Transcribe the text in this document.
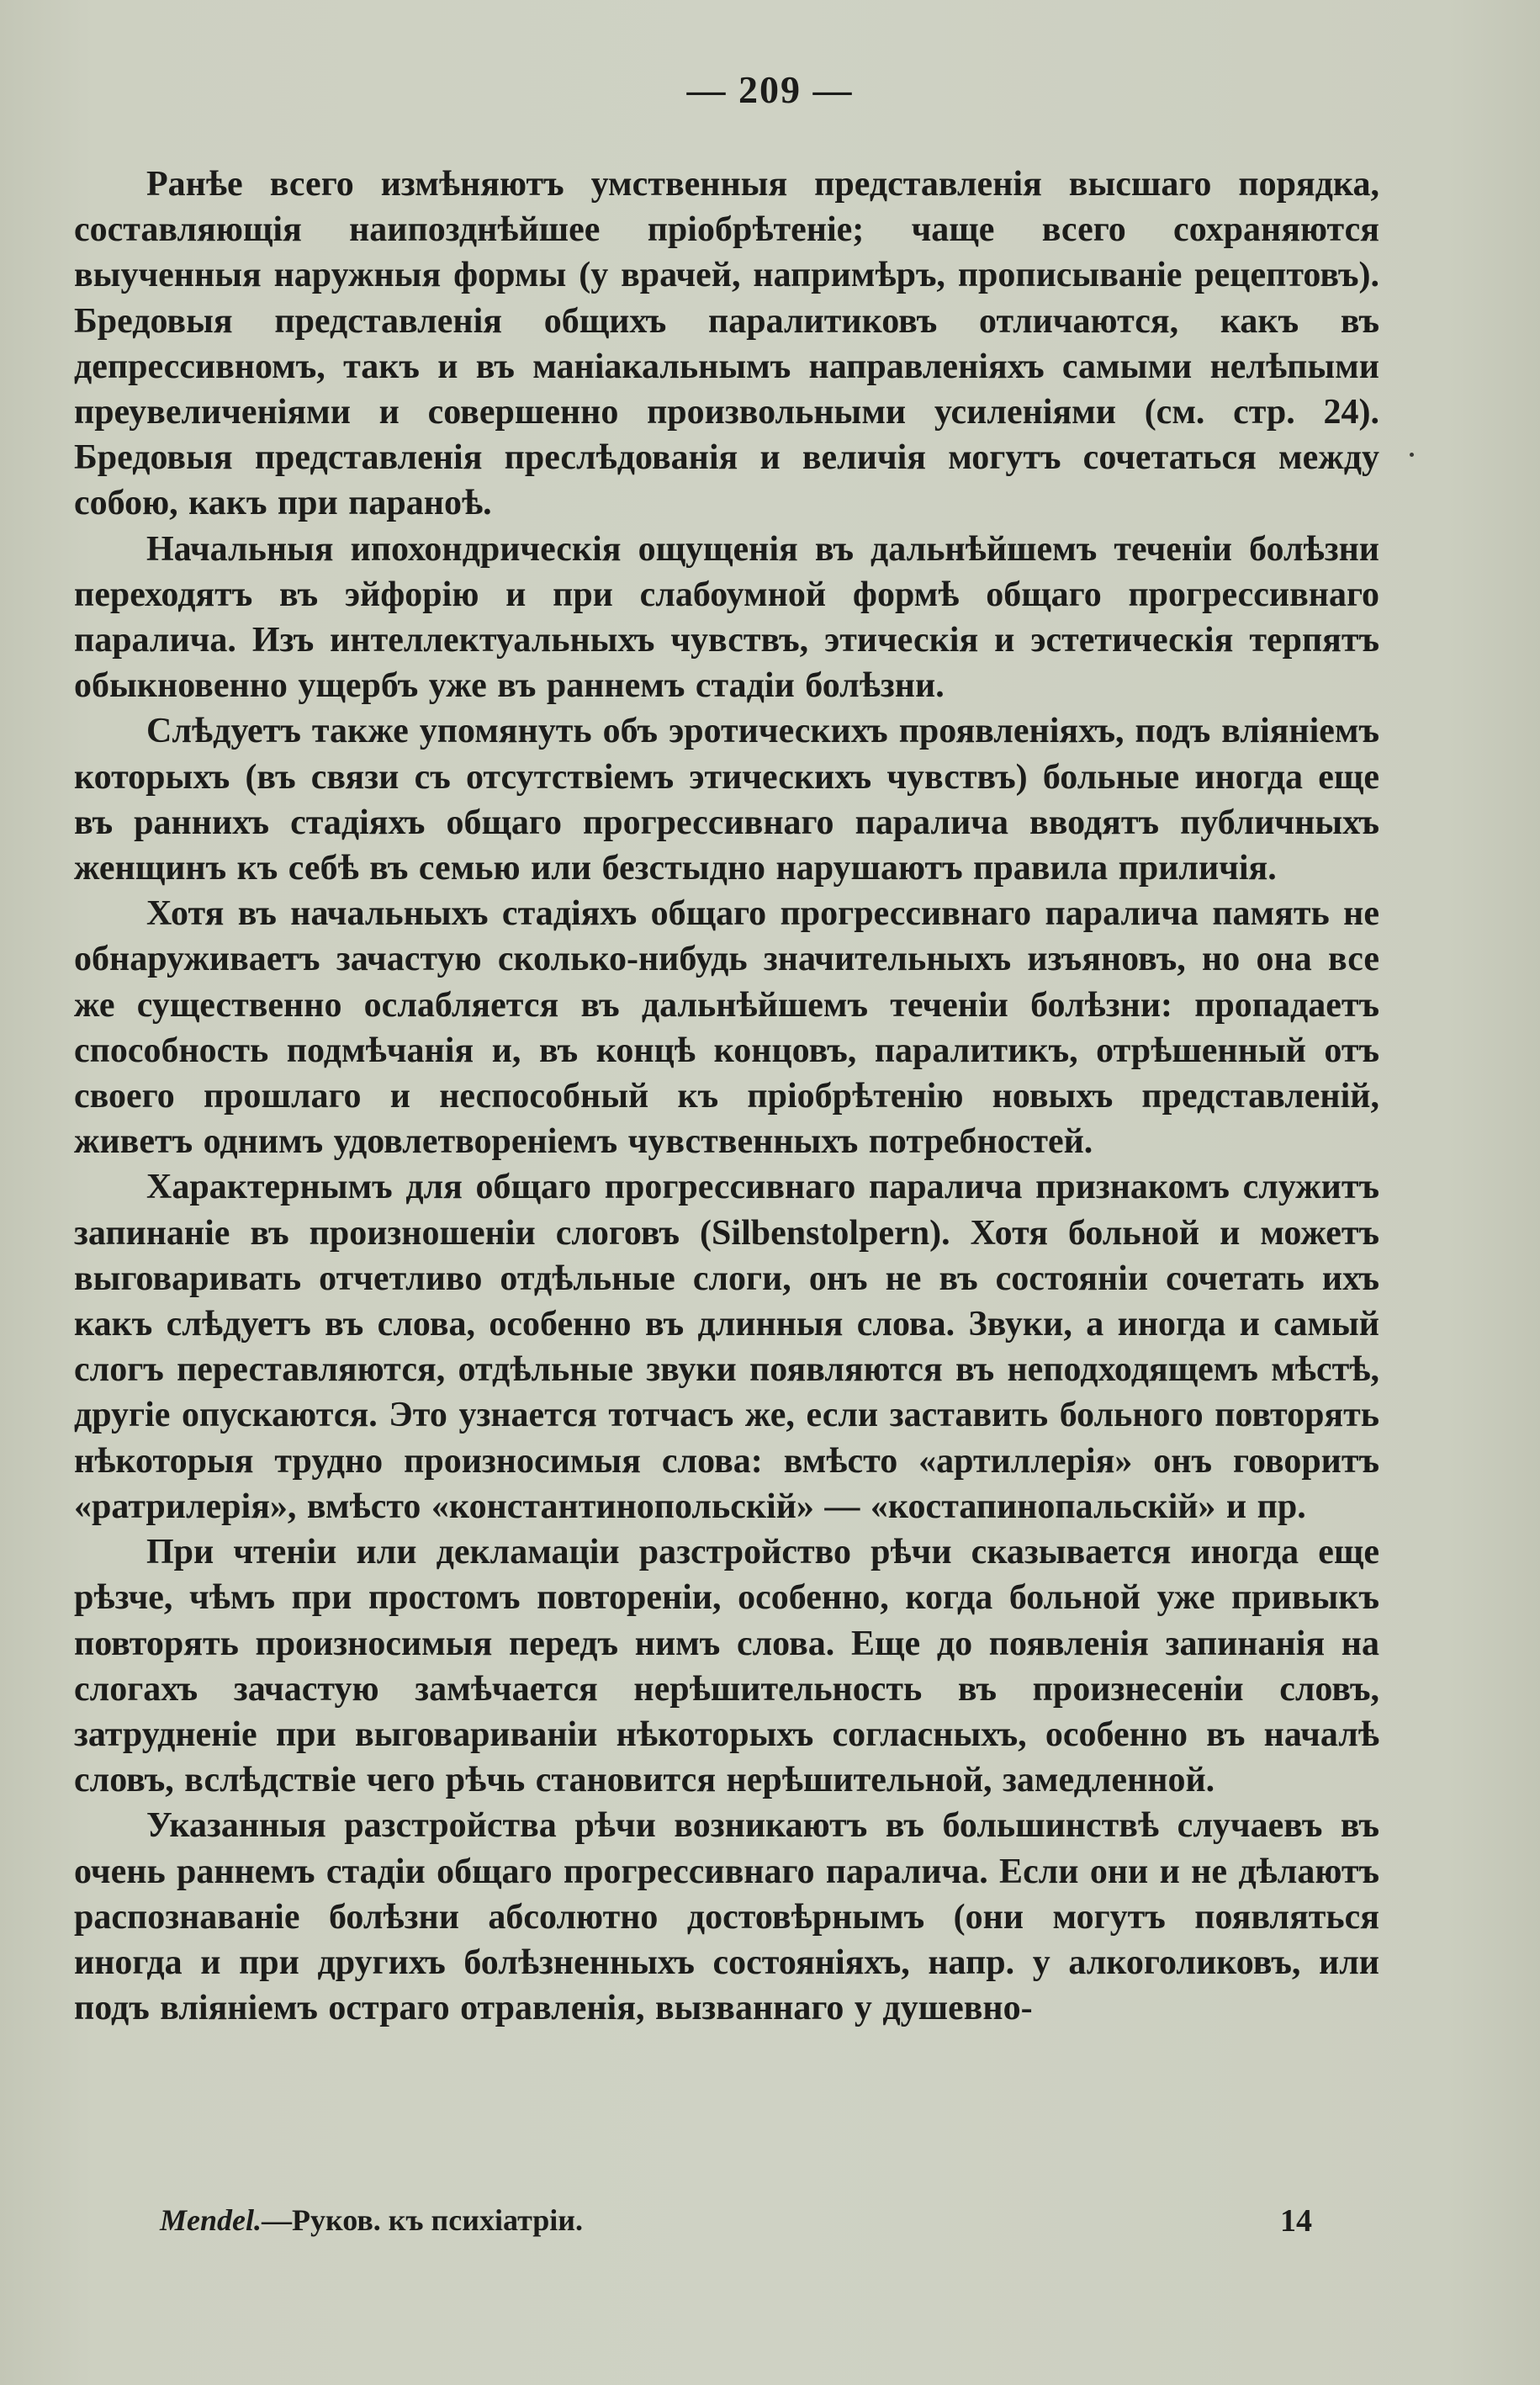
— 209 —

Ранѣе всего измѣняютъ умственныя представленія высшаго порядка, составляющія наипозднѣйшее пріобрѣтеніе; чаще всего сохраняются выученныя наружныя формы (у врачей, напримѣръ, прописываніе рецептовъ). Бредовыя представленія общихъ паралитиковъ отличаются, какъ въ депрессивномъ, такъ и въ маніакальнымъ направленіяхъ самыми нелѣпыми преувеличеніями и совершенно произвольными усиленіями (см. стр. 24). Бредовыя представленія преслѣдованія и величія могутъ сочетаться между собою, какъ при паранoѣ.

Начальныя ипохондрическія ощущенія въ дальнѣйшемъ теченіи болѣзни переходятъ въ эйфорію и при слабоумной формѣ общаго прогрессивнаго паралича. Изъ интеллектуальныхъ чувствъ, этическія и эстетическія терпятъ обыкновенно ущербъ уже въ раннемъ стадіи болѣзни.

Слѣдуетъ также упомянуть объ эротическихъ проявленіяхъ, подъ вліяніемъ которыхъ (въ связи съ отсутствіемъ этическихъ чувствъ) больные иногда еще въ раннихъ стадіяхъ общаго прогрессивнаго паралича вводятъ публичныхъ женщинъ къ себѣ въ семью или безстыдно нарушаютъ правила приличія.

Хотя въ начальныхъ стадіяхъ общаго прогрессивнаго паралича память не обнаруживаетъ зачастую сколько-нибудь значительныхъ изъяновъ, но она все же существенно ослабляется въ дальнѣйшемъ теченіи болѣзни: пропадаетъ способность подмѣчанія и, въ концѣ концовъ, паралитикъ, отрѣшенный отъ своего прошлаго и неспособный къ пріобрѣтенію новыхъ представленій, живетъ однимъ удовлетвореніемъ чувственныхъ потребностей.

Характернымъ для общаго прогрессивнаго паралича признакомъ служитъ запинаніе въ произношеніи слоговъ (Silbenstolpern). Хотя больной и можетъ выговаривать отчетливо отдѣльные слоги, онъ не въ состояніи сочетать ихъ какъ слѣдуетъ въ слова, особенно въ длинныя слова. Звуки, а иногда и самый слогъ переставляются, отдѣльные звуки появляются въ неподходящемъ мѣстѣ, другіе опускаются. Это узнается тотчасъ же, если заставить больного повторять нѣкоторыя трудно произносимыя слова: вмѣсто «артиллерія» онъ говоритъ «ратрилерія», вмѣсто «константинопольскій» — «костапинопальскій» и пр.

При чтеніи или декламаціи разстройство рѣчи сказывается иногда еще рѣзче, чѣмъ при простомъ повтореніи, особенно, когда больной уже привыкъ повторять произносимыя передъ нимъ слова. Еще до появленія запинанія на слогахъ зачастую замѣчается нерѣшительность въ произнесеніи словъ, затрудненіе при выговариваніи нѣкоторыхъ согласныхъ, особенно въ началѣ словъ, вслѣдствіе чего рѣчь становится нерѣшительной, замедленной.

Указанныя разстройства рѣчи возникаютъ въ большинствѣ случаевъ въ очень раннемъ стадіи общаго прогрессивнаго паралича. Если они и не дѣлаютъ распознаваніе болѣзни абсолютно достовѣрнымъ (они могутъ появляться иногда и при другихъ болѣзненныхъ состояніяхъ, напр. у алкоголиковъ, или подъ вліяніемъ остраго отравленія, вызваннаго у душевно-

Mendel.—Руков. къ психіатріи.	14
